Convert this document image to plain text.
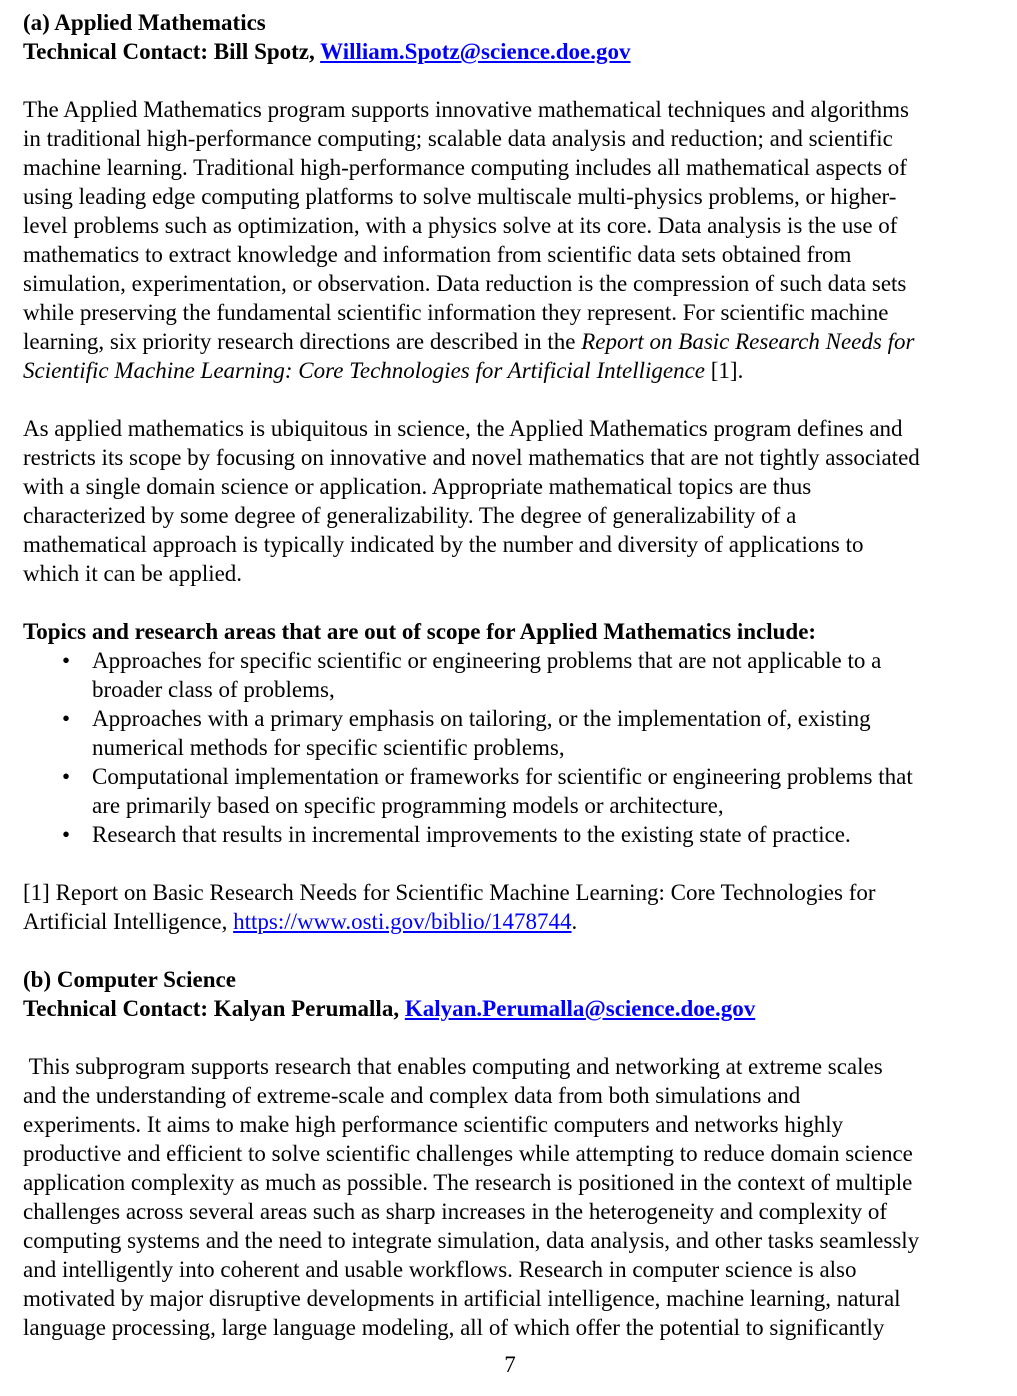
(a) Applied Mathematics
Technical Contact: Bill Spotz, William.Spotz@science.doe.gov
The Applied Mathematics program supports innovative mathematical techniques and algorithms
in traditional high-performance computing; scalable data analysis and reduction; and scientific
machine learning. Traditional high-performance computing includes all mathematical aspects of
using leading edge computing platforms to solve multiscale multi-physics problems, or higher-
level problems such as optimization, with a physics solve at its core. Data analysis is the use of
mathematics to extract knowledge and information from scientific data sets obtained from
simulation, experimentation, or observation. Data reduction is the compression of such data sets
while preserving the fundamental scientific information they represent. For scientific machine
learning, six priority research directions are described in the Report on Basic Research Needs for
Scientific Machine Learning: Core Technologies for Artificial Intelligence [1].
As applied mathematics is ubiquitous in science, the Applied Mathematics program defines and
restricts its scope by focusing on innovative and novel mathematics that are not tightly associated
with a single domain science or application. Appropriate mathematical topics are thus
characterized by some degree of generalizability. The degree of generalizability of a
mathematical approach is typically indicated by the number and diversity of applications to
which it can be applied.
Topics and research areas that are out of scope for Applied Mathematics include:
• Approaches for specific scientific or engineering problems that are not applicable to a
broader class of problems,
• Approaches with a primary emphasis on tailoring, or the implementation of, existing
numerical methods for specific scientific problems,
• Computational implementation or frameworks for scientific or engineering problems that
are primarily based on specific programming models or architecture,
• Research that results in incremental improvements to the existing state of practice.
[1] Report on Basic Research Needs for Scientific Machine Learning: Core Technologies for
Artificial Intelligence, https://www.osti.gov/biblio/1478744.
(b) Computer Science
Technical Contact: Kalyan Perumalla, Kalyan.Perumalla@science.doe.gov
This subprogram supports research that enables computing and networking at extreme scales
and the understanding of extreme-scale and complex data from both simulations and
experiments. It aims to make high performance scientific computers and networks highly
productive and efficient to solve scientific challenges while attempting to reduce domain science
application complexity as much as possible. The research is positioned in the context of multiple
challenges across several areas such as sharp increases in the heterogeneity and complexity of
computing systems and the need to integrate simulation, data analysis, and other tasks seamlessly
and intelligently into coherent and usable workflows. Research in computer science is also
motivated by major disruptive developments in artificial intelligence, machine learning, natural
language processing, large language modeling, all of which offer the potential to significantly
7
